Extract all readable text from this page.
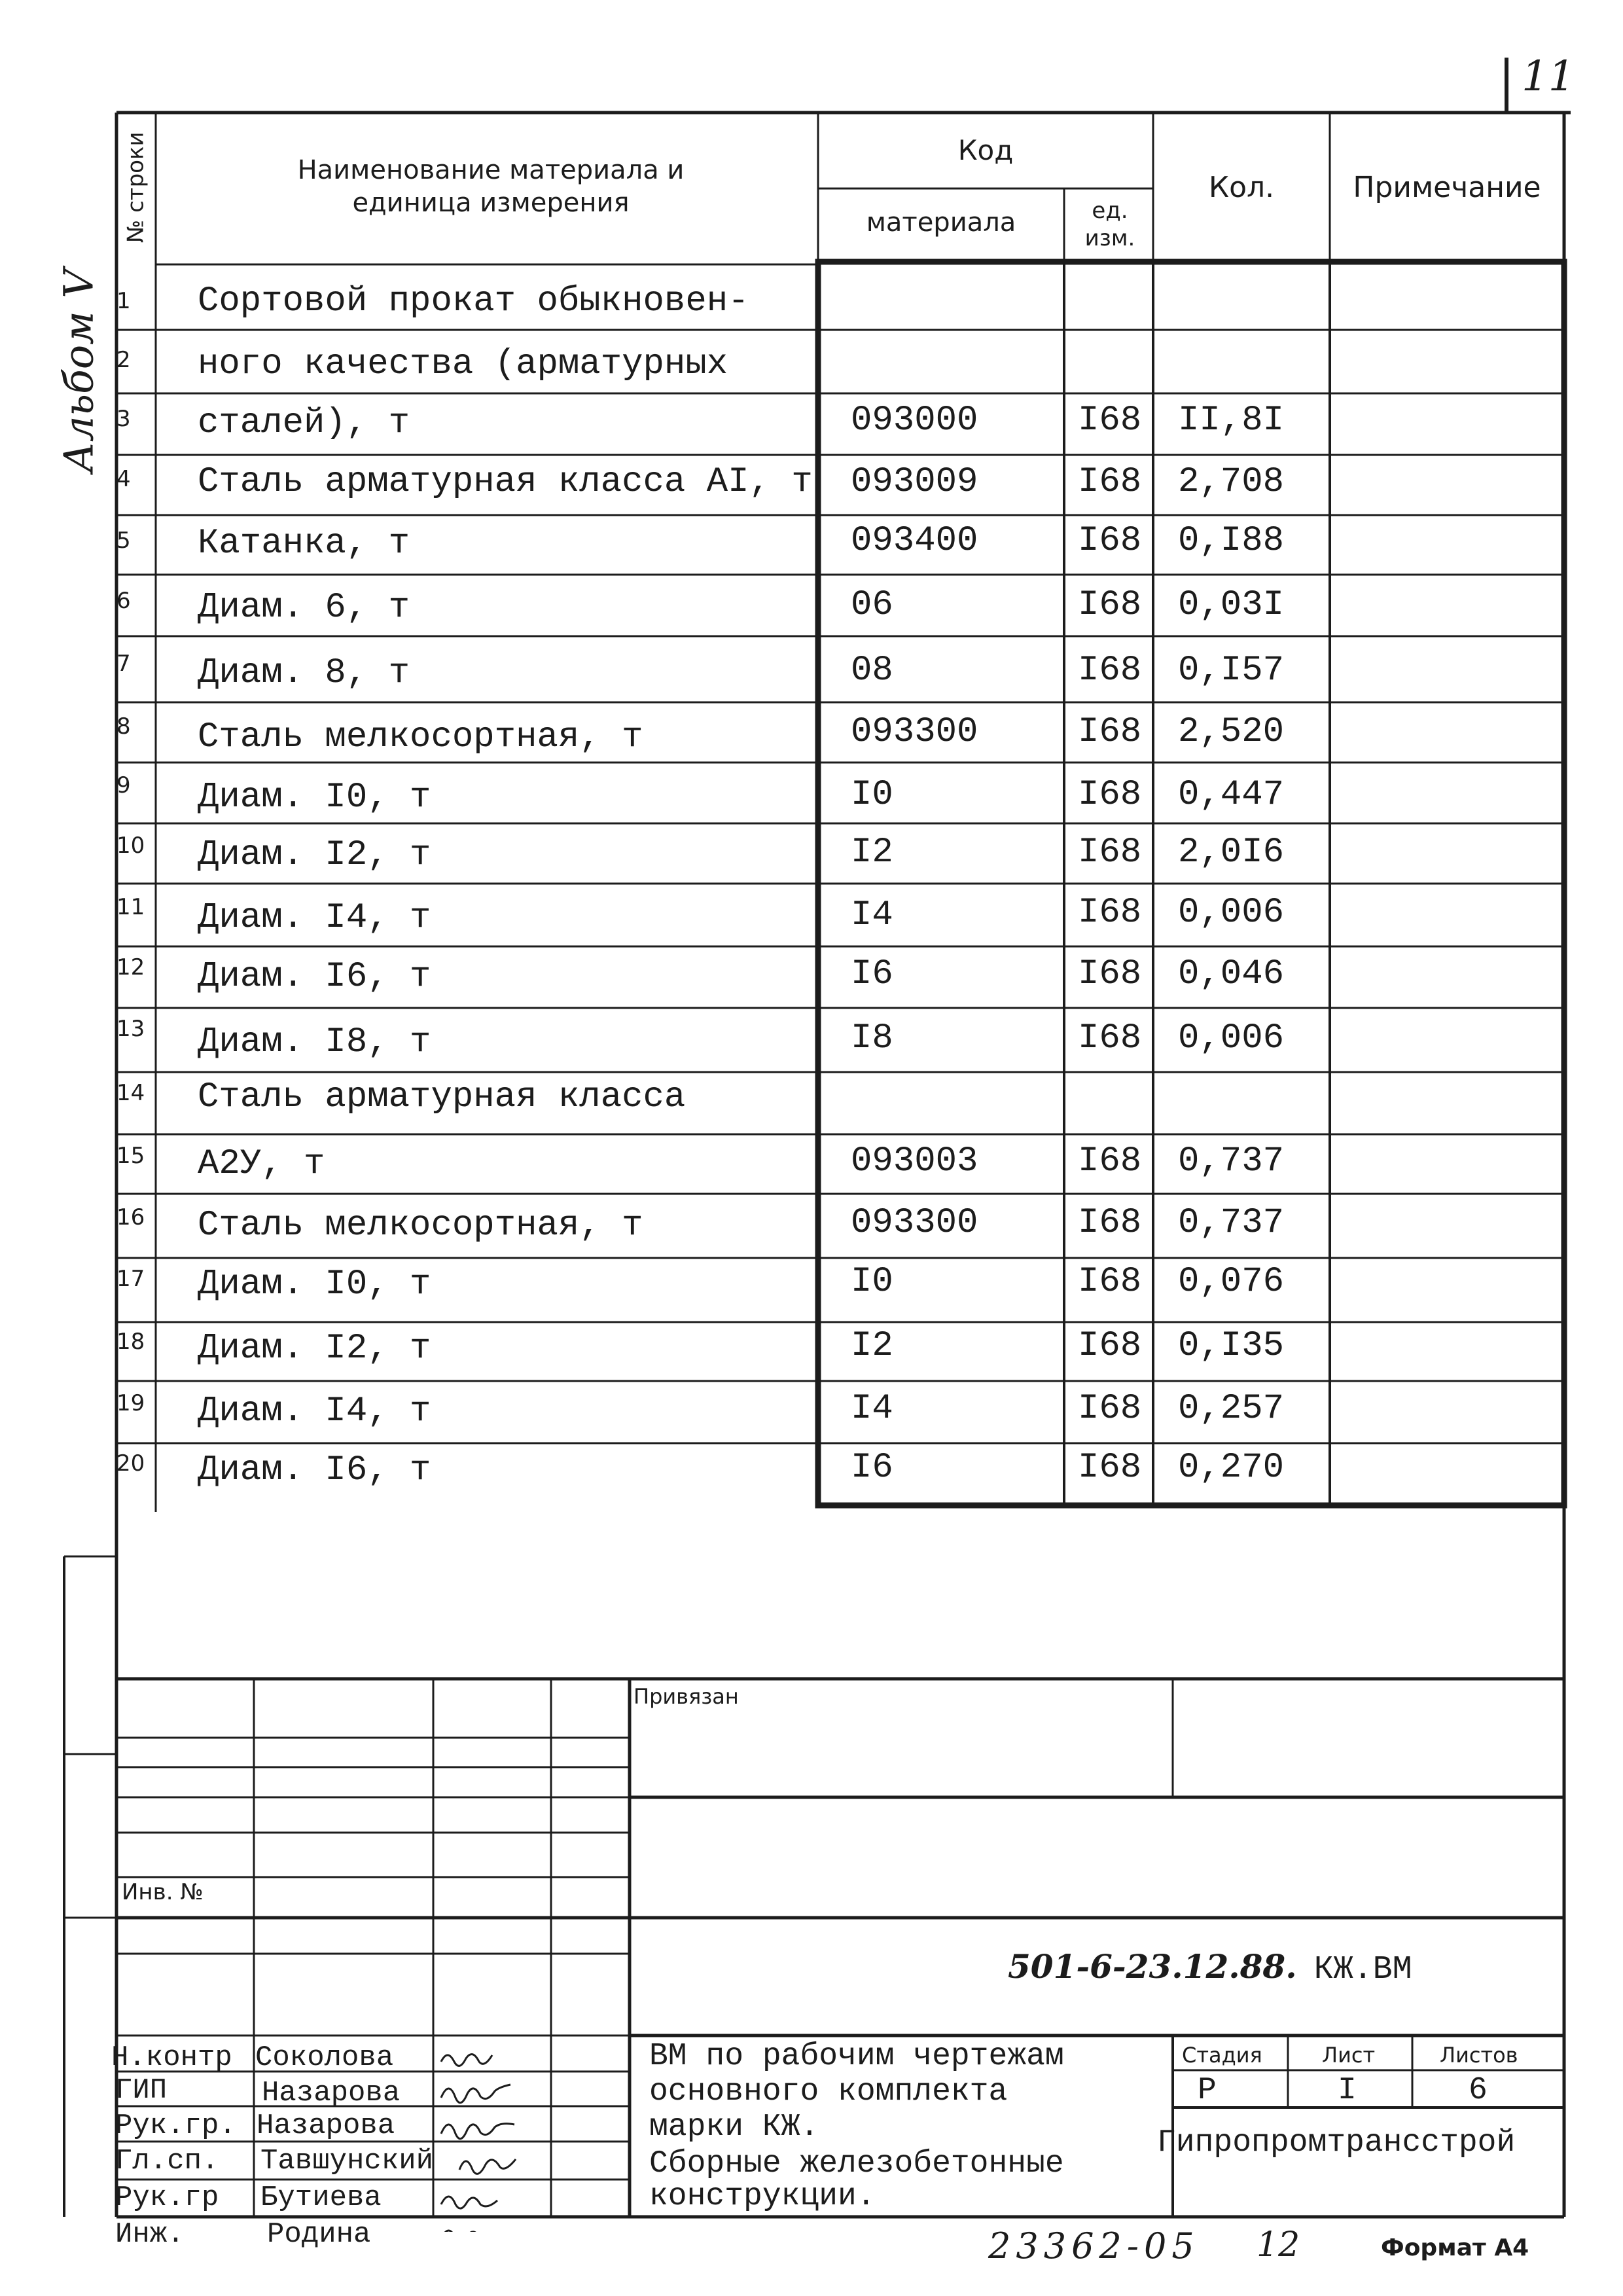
11
Альбом V
№ строки	Наименование материала и единица измерения
Код
материала	ед. изм.
Кол.	Примечание
1	Сортовой прокат обыкновен-
2	ного качества (арматурных
3	сталей), т	093000	I68 II,8I
4	Сталь арматурная класса АI, т 093009	I68 2,708
5	Катанка, т	093400	I68 0,I88
6	Диам. 6, т	06	I68 0,03I
7	Диам. 8, т	08	I68 0,I57
8	Сталь мелкосортная, т	093300	I68 2,520
9	Диам. I0, т	I0	I68 0,447
10	Диам. I2, т	I2	I68 2,0I6
11	Диам. I4, т	I4	I68 0,006
12	Диам. I6, т	I6	I68 0,046
13	Диам. I8, т	I8	I68 0,006
14	Сталь арматурная класса
15	А2У, т	093003	I68 0,737
16	Сталь мелкосортная, т	093300	I68 0,737
17	Диам. I0, т	I0	I68 0,076
18	Диам. I2, т	I2	I68 0,I35
19	Диам. I4, т	I4	I68 0,257
20	Диам. I6, т	I6	I68 0,270
Привязан
Инв. №
501-6-23.12.88. КЖ.ВМ
Н.контр Соколова
ГИП	Назарова
Рук.гр. Назарова
Гл.сп. Тавшунский
Рук.гр Бутиева
Инж.	Родина
ВМ по рабочим чертежам
основного комплекта
марки КЖ.
Сборные железобетонные
конструкции.
Стадия	Лист	Листов
Р	I	6
Гипропромтрансстрой
23362-05 12	Формат А4
